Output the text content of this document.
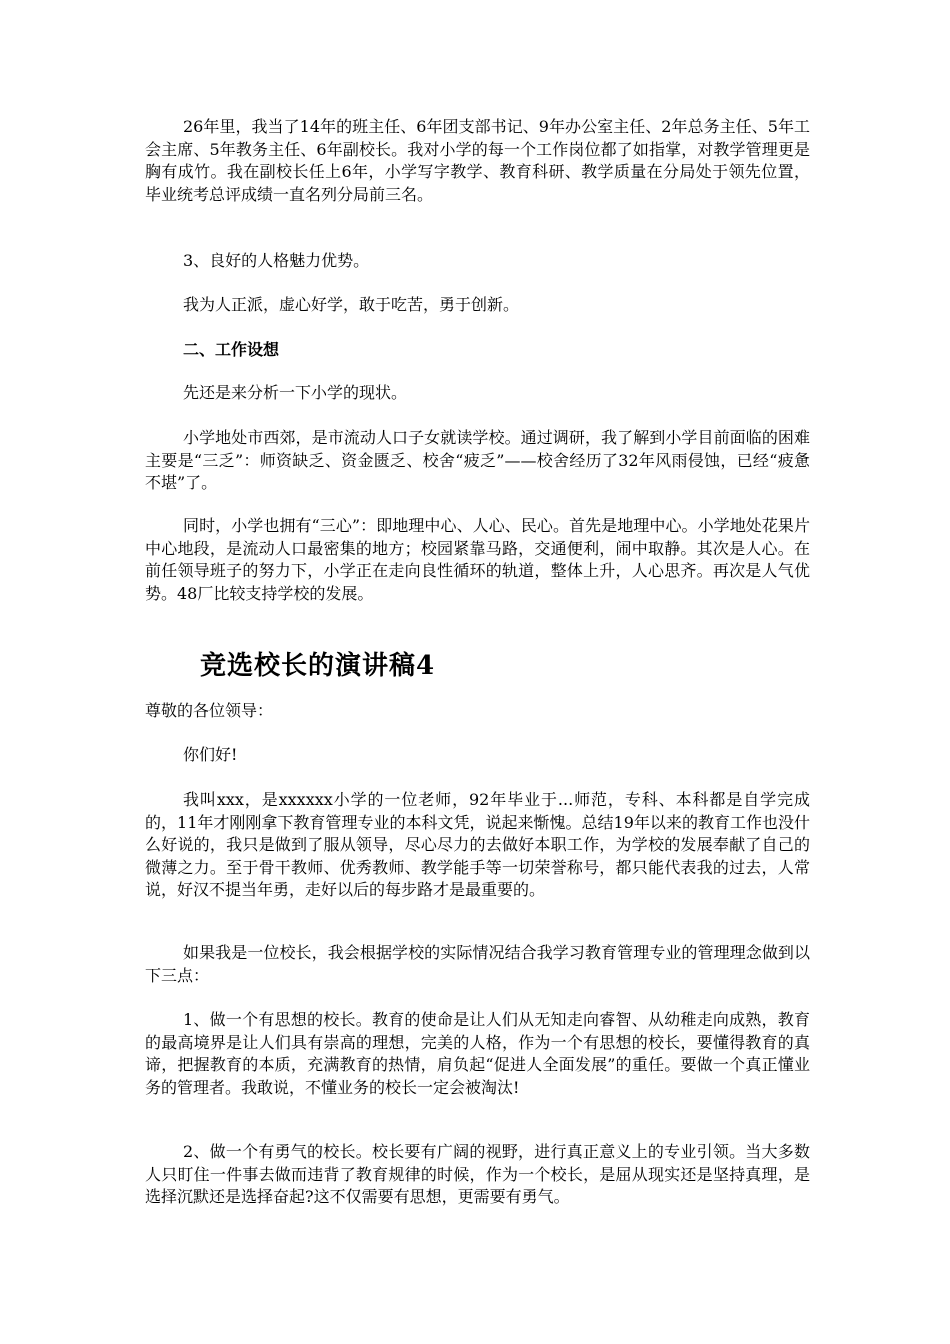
26年里，我当了14年的班主任、6年团支部书记、9年办公室主任、2年总务主任、5年工会主席、5年教务主任、6年副校长。我对小学的每一个工作岗位都了如指掌，对教学管理更是胸有成竹。我在副校长任上6年，小学写字教学、教育科研、教学质量在分局处于领先位置，毕业统考总评成绩一直名列分局前三名。

3、良好的人格魅力优势。

我为人正派，虚心好学，敢于吃苦，勇于创新。

二、工作设想

先还是来分析一下小学的现状。

小学地处市西郊，是市流动人口子女就读学校。通过调研，我了解到小学目前面临的困难主要是“三乏”：师资缺乏、资金匮乏、校舍“疲乏”——校舍经历了32年风雨侵蚀，已经“疲惫不堪”了。

同时，小学也拥有“三心”：即地理中心、人心、民心。首先是地理中心。小学地处花果片中心地段，是流动人口最密集的地方；校园紧靠马路，交通便利，闹中取静。其次是人心。在前任领导班子的努力下，小学正在走向良性循环的轨道，整体上升，人心思齐。再次是人气优势。48厂比较支持学校的发展。

竞选校长的演讲稿4

尊敬的各位领导：

你们好!

我叫xxx，是xxxxxx小学的一位老师，92年毕业于...师范，专科、本科都是自学完成的，11年才刚刚拿下教育管理专业的本科文凭，说起来惭愧。总结19年以来的教育工作也没什么好说的，我只是做到了服从领导，尽心尽力的去做好本职工作，为学校的发展奉献了自己的微薄之力。至于骨干教师、优秀教师、教学能手等一切荣誉称号，都只能代表我的过去，人常说，好汉不提当年勇，走好以后的每步路才是最重要的。

如果我是一位校长，我会根据学校的实际情况结合我学习教育管理专业的管理理念做到以下三点：

1、做一个有思想的校长。教育的使命是让人们从无知走向睿智、从幼稚走向成熟，教育的最高境界是让人们具有崇高的理想，完美的人格，作为一个有思想的校长，要懂得教育的真谛，把握教育的本质，充满教育的热情，肩负起“促进人全面发展”的重任。要做一个真正懂业务的管理者。我敢说，不懂业务的校长一定会被淘汰!

2、做一个有勇气的校长。校长要有广阔的视野，进行真正意义上的专业引领。当大多数人只盯住一件事去做而违背了教育规律的时候，作为一个校长，是屈从现实还是坚持真理，是选择沉默还是选择奋起?这不仅需要有思想，更需要有勇气。
